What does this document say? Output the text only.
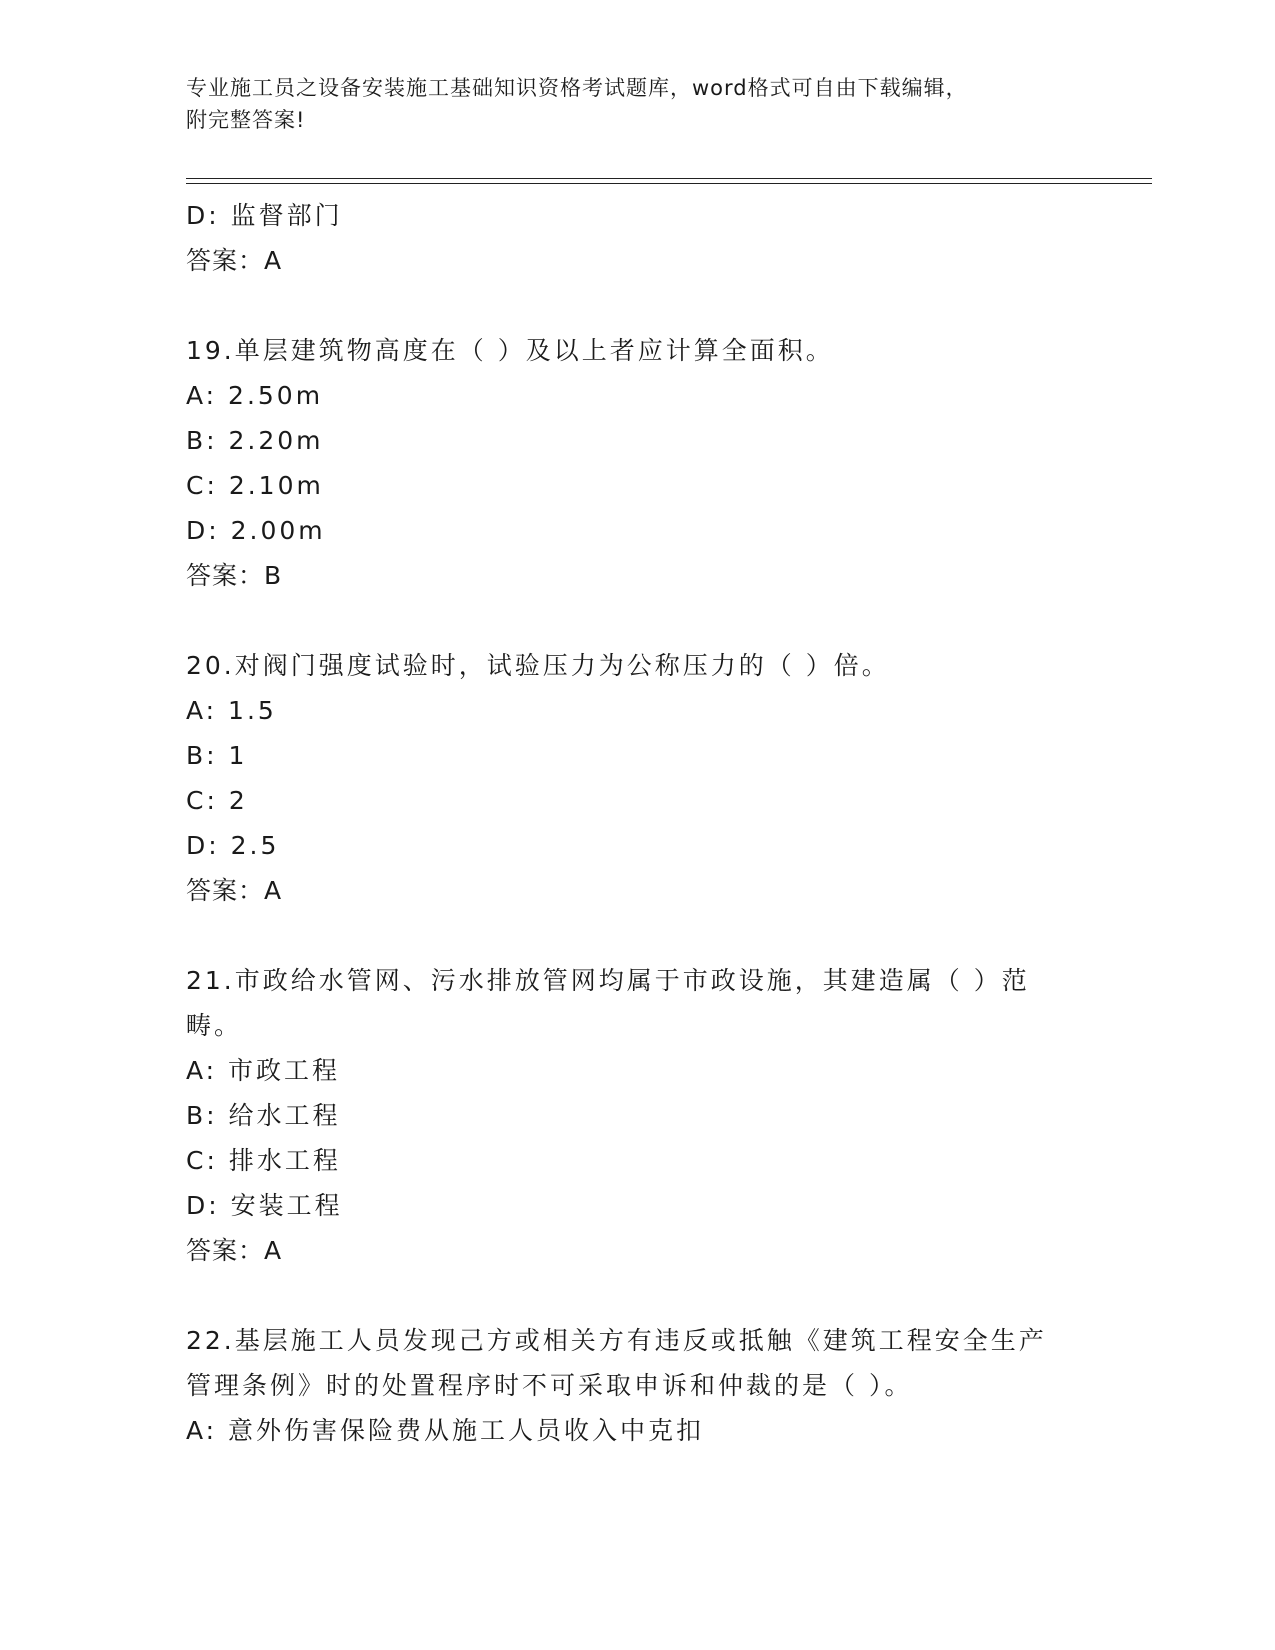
专业施工员之设备安装施工基础知识资格考试题库，word格式可自由下载编辑，
附完整答案!
D: 监督部门
答案：A
19.单层建筑物高度在（ ）及以上者应计算全面积。
A: 2.50m
B: 2.20m
C: 2.10m
D: 2.00m
答案：B
20.对阀门强度试验时，试验压力为公称压力的（ ）倍。
A: 1.5
B: 1
C: 2
D: 2.5
答案：A
21.市政给水管网、污水排放管网均属于市政设施，其建造属（ ）范
畴。
A: 市政工程
B: 给水工程
C: 排水工程
D: 安装工程
答案：A
22.基层施工人员发现己方或相关方有违反或抵触《建筑工程安全生产
管理条例》时的处置程序时不可采取申诉和仲裁的是（ ）。
A: 意外伤害保险费从施工人员收入中克扣
